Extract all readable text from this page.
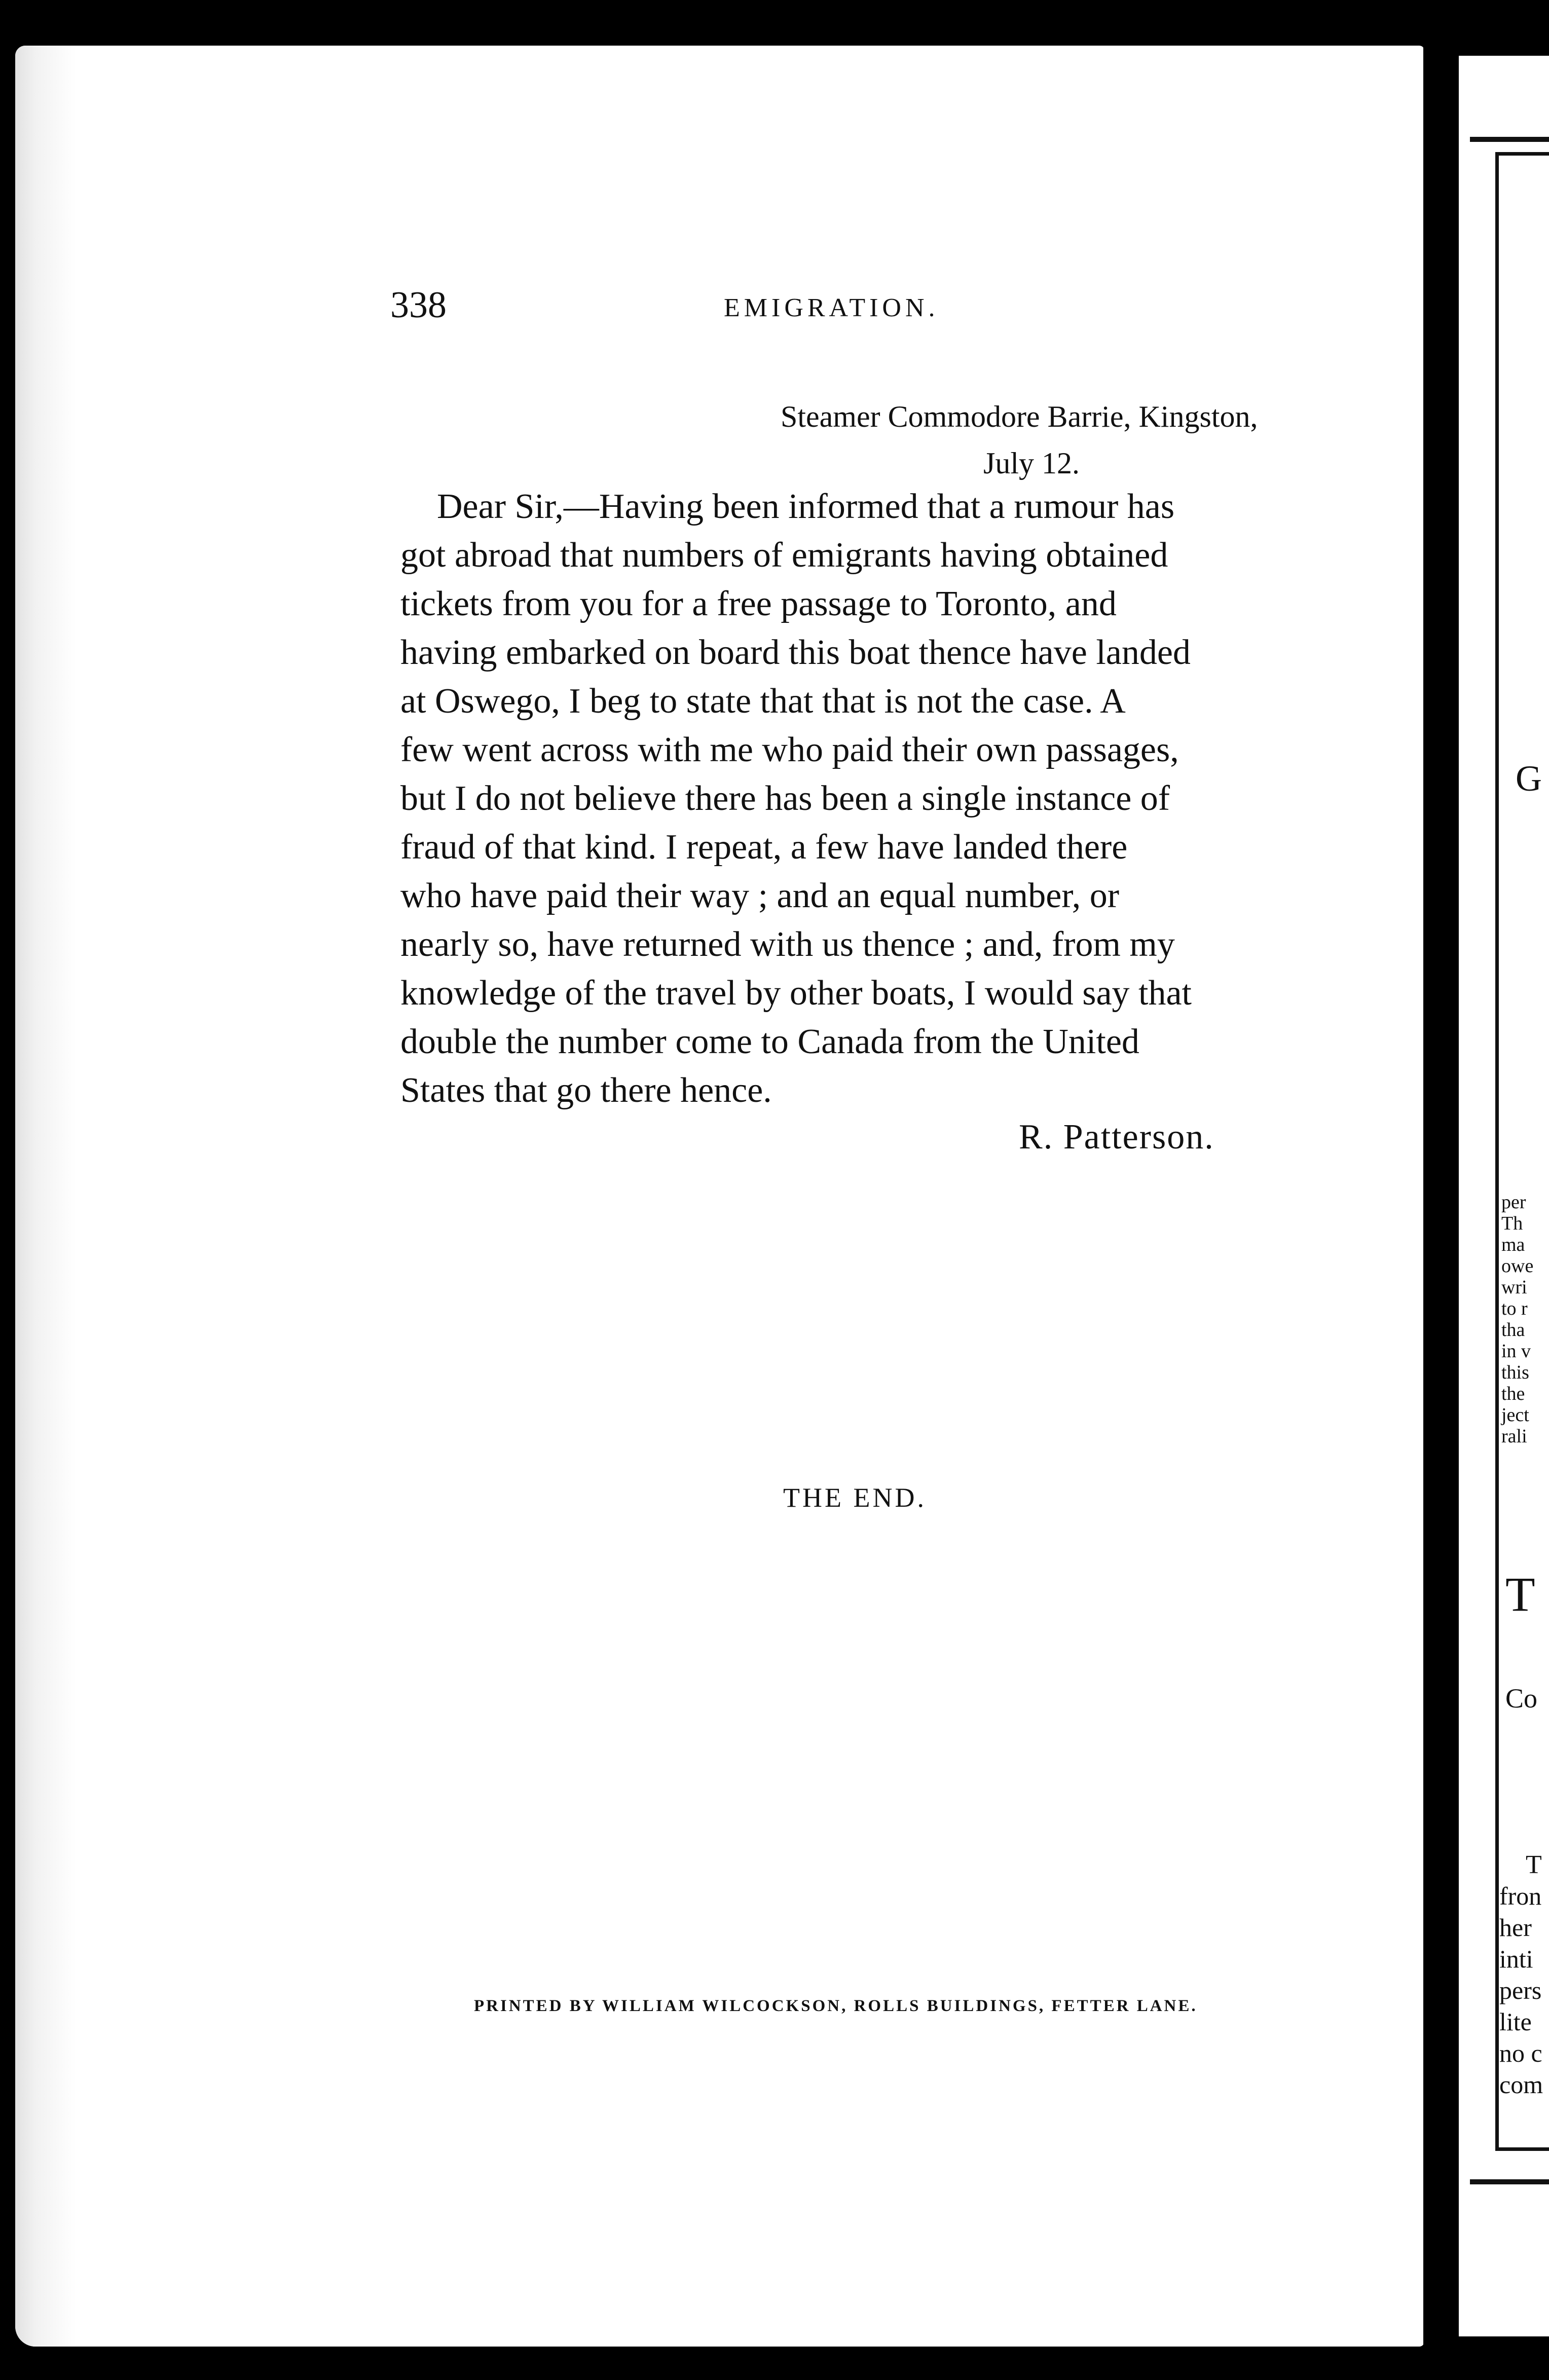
338	EMIGRATION.
Steamer Commodore Barrie, Kingston,
July 12.
Dear Sir,—Having been informed that a rumour has
got abroad that numbers of emigrants having obtained
tickets from you for a free passage to Toronto, and
having embarked on board this boat thence have landed
at Oswego, I beg to state that that is not the case. A
few went across with me who paid their own passages,
but I do not believe there has been a single instance of
fraud of that kind. I repeat, a few have landed there
who have paid their way ; and an equal number, or
nearly so, have returned with us thence ; and, from my
knowledge of the travel by other boats, I would say that
double the number come to Canada from the United
States that go there hence.
R. Patterson.
THE END.
PRINTED BY WILLIAM WILCOCKSON, ROLLS BUILDINGS, FETTER LANE.
G
per
Th
ma
owe
wri
to r
tha
in v
this
the
ject
rali
T
Co
T
fron
her
inti
pers
lite
no c
com
